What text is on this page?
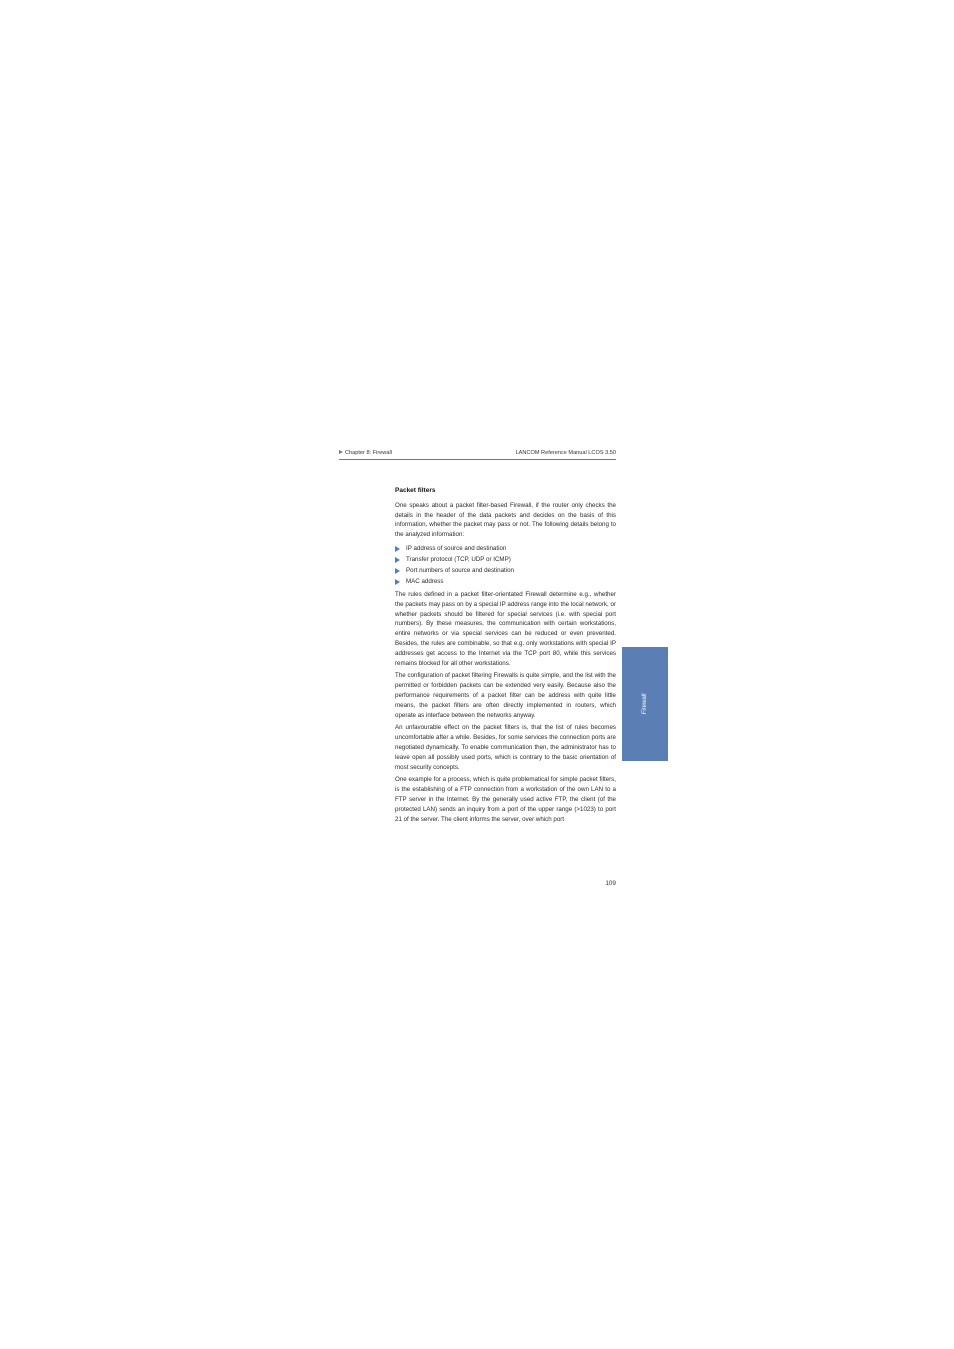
Chapter 8: Firewall	LANCOM Reference Manual LCOS 3.50
Packet filters

One speaks about a packet filter-based Firewall, if the router only checks the details in the header of the data packets and decides on the basis of this information, whether the packet may pass or not. The following details belong to the analyzed information:

IP address of source and destination
Transfer protocol (TCP, UDP or ICMP)
Port numbers of source and destination
MAC address

The rules defined in a packet filter-orientated Firewall determine e.g., whether the packets may pass on by a special IP address range into the local network, or whether packets should be filtered for special services (i.e. with special port numbers). By these measures, the communication with certain workstations, entire networks or via special services can be reduced or even prevented. Besides, the rules are combinable, so that e.g. only workstations with special IP addresses get access to the Internet via the TCP port 80, while this services remains blocked for all other workstations.

The configuration of packet filtering Firewalls is quite simple, and the list with the permitted or forbidden packets can be extended very easily. Because also the performance requirements of a packet filter can be address with quite little means, the packet filters are often directly implemented in routers, which operate as interface between the networks anyway.

An unfavourable effect on the packet filters is, that the list of rules becomes uncomfortable after a while. Besides, for some services the connection ports are negotiated dynamically. To enable communication then, the administrator has to leave open all possibly used ports, which is contrary to the basic orientation of most security concepts.

One example for a process, which is quite problematical for simple packet filters, is the establishing of a FTP connection from a workstation of the own LAN to a FTP server in the Internet. By the generally used active FTP, the client (of the protected LAN) sends an inquiry from a port of the upper range (>1023) to port 21 of the server. The client informs the server, over which port

Firewall
109
